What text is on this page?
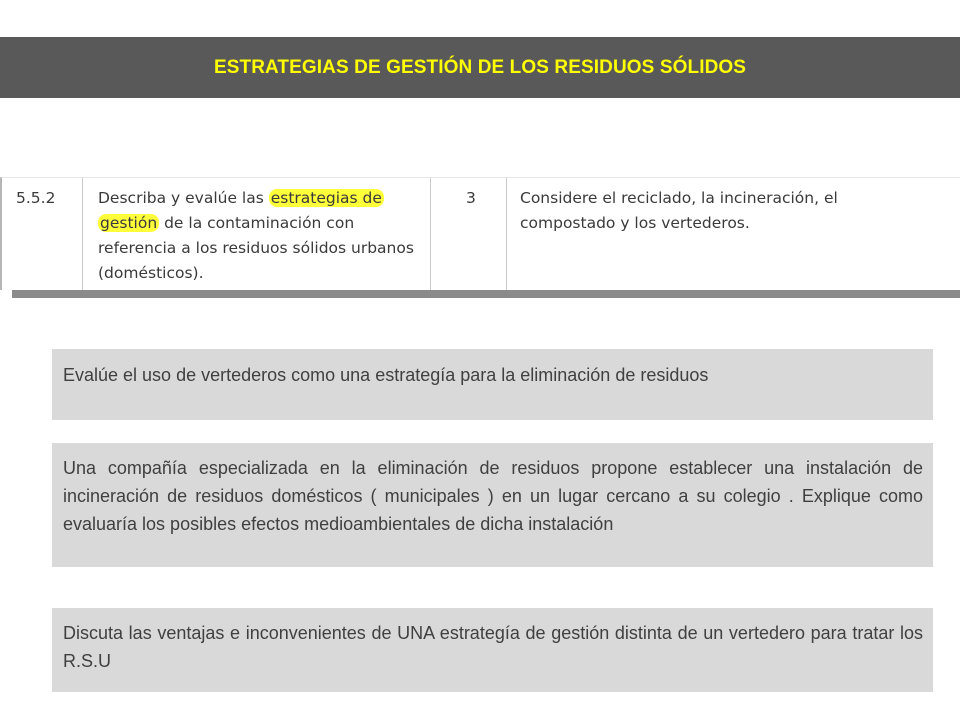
ESTRATEGIAS DE GESTIÓN DE LOS RESIDUOS SÓLIDOS
5.5.2	Describa y evalúe las estrategias de
gestión de la contaminación con referencia a los residuos sólidos urbanos (domésticos).
3	Considere el reciclado, la incineración, el compostado y los vertederos.
Evalúe el uso de vertederos como una estrategía para la eliminación de residuos
Una compañía especializada en la eliminación de residuos propone establecer una instalación de incineración de residuos domésticos ( municipales ) en un lugar cercano a su colegio . Explique como evaluaría los posibles efectos medioambientales de dicha instalación
Discuta las ventajas e inconvenientes de UNA estrategía de gestión distinta de un vertedero para tratar los R.S.U
